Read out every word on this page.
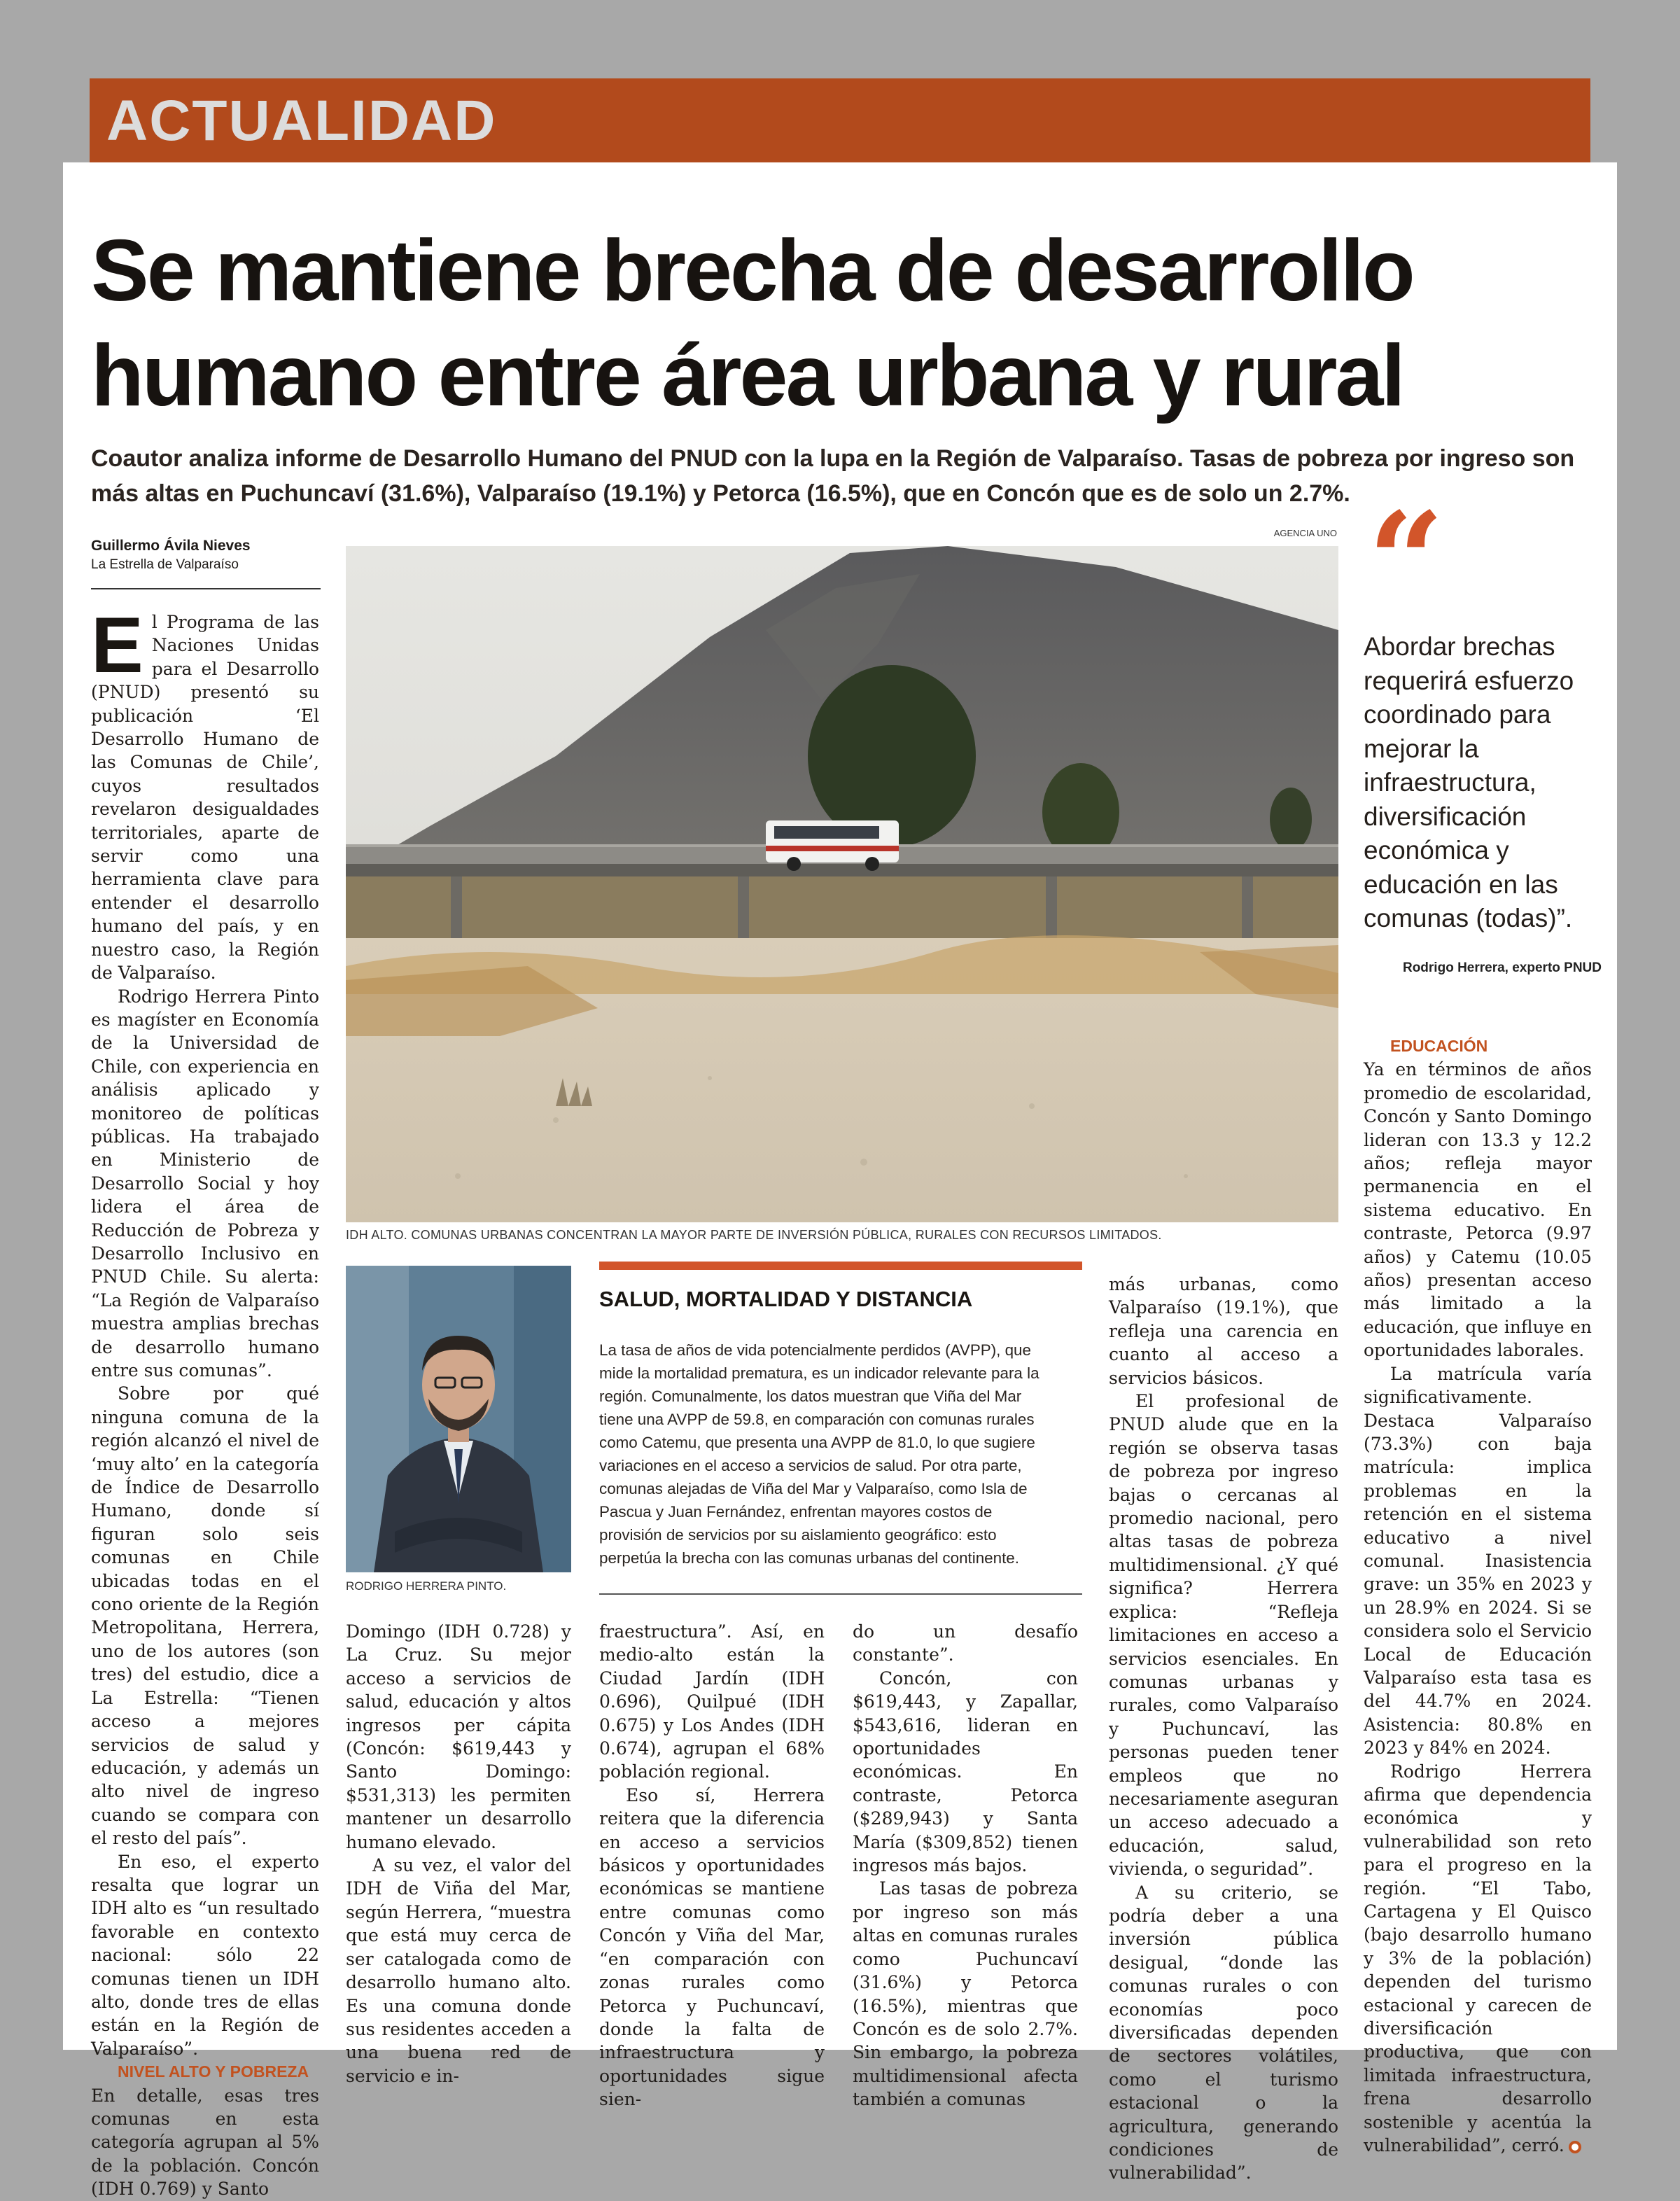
ACTUALIDAD
Se mantiene brecha de desarrollo
humano entre área urbana y rural
Coautor analiza informe de Desarrollo Humano del PNUD con la lupa en la Región de Valparaíso. Tasas de pobreza por ingreso son más altas en Puchuncaví (31.6%), Valparaíso (19.1%) y Petorca (16.5%), que en Concón que es de solo un 2.7%.
Guillermo Ávila Nieves
La Estrella de Valparaíso

El Programa de las Naciones Unidas para el Desarrollo (PNUD) presentó su publicación ‘El Desarrollo Humano de las Comunas de Chile’, cuyos resultados revelaron desigualdades territoriales, aparte de servir como una herramienta clave para entender el desarrollo humano del país, y en nuestro caso, la Región de Valparaíso.

Rodrigo Herrera Pinto es magíster en Economía de la Universidad de Chile, con experiencia en análisis aplicado y monitoreo de políticas públicas. Ha trabajado en Ministerio de Desarrollo Social y hoy lidera el área de Reducción de Pobreza y Desarrollo Inclusivo en PNUD Chile. Su alerta: “La Región de Valparaíso muestra amplias brechas de desarrollo humano entre sus comunas”.

Sobre por qué ninguna comuna de la región alcanzó el nivel de ‘muy alto’ en la categoría de Índice de Desarrollo Humano, donde sí figuran solo seis comunas en Chile ubicadas todas en el cono oriente de la Región Metropolitana, Herrera, uno de los autores (son tres) del estudio, dice a La Estrella: “Tienen acceso a mejores servicios de salud y educación, y además un alto nivel de ingreso cuando se compara con el resto del país”.

En eso, el experto resalta que lograr un IDH alto es “un resultado favorable en contexto nacional: sólo 22 comunas tienen un IDH alto, donde tres de ellas están en la Región de Valparaíso”.

NIVEL ALTO Y POBREZA

En detalle, esas tres comunas en esta categoría agrupan al 5% de la población. Concón (IDH 0.769) y Santo

Domingo (IDH 0.728) y La Cruz. Su mejor acceso a servicios de salud, educación y altos ingresos per cápita (Concón: $619,443 y Santo Domingo: $531,313) les permiten mantener un desarrollo humano elevado.

A su vez, el valor del IDH de Viña del Mar, según Herrera, “muestra que está muy cerca de ser catalogada como de desarrollo humano alto. Es una comuna donde sus residentes acceden a una buena red de servicio e in-

fraestructura”. Así, en medio-alto están la Ciudad Jardín (IDH 0.696), Quilpué (IDH 0.675) y Los Andes (IDH 0.674), agrupan el 68% población regional.

Eso sí, Herrera reitera que la diferencia en acceso a servicios básicos y oportunidades económicas se mantiene entre comunas como Concón y Viña del Mar, “en comparación con zonas rurales como Petorca y Puchuncaví, donde la falta de infraestructura y oportunidades sigue sien-

do un desafío constante”.

Concón, con $619,443, y Zapallar, $543,616, lideran en oportunidades económicas. En contraste, Petorca ($289,943) y Santa María ($309,852) tienen ingresos más bajos.

Las tasas de pobreza por ingreso son más altas en comunas rurales como Puchuncaví (31.6%) y Petorca (16.5%), mientras que Concón es de solo 2.7%. Sin embargo, la pobreza multidimensional afecta también a comunas

más urbanas, como Valparaíso (19.1%), que refleja una carencia en cuanto al acceso a servicios básicos.

El profesional de PNUD alude que en la región se observa tasas de pobreza por ingreso bajas o cercanas al promedio nacional, pero altas tasas de pobreza multidimensional. ¿Y qué significa? Herrera explica: “Refleja limitaciones en acceso a servicios esenciales. En comunas urbanas y rurales, como Valparaíso y Puchuncaví, las personas pueden tener empleos que no necesariamente aseguran un acceso adecuado a educación, salud, vivienda, o seguridad”.

A su criterio, se podría deber a una inversión pública desigual, “donde las comunas rurales o con economías poco diversificadas dependen de sectores volátiles, como el turismo estacional o la agricultura, generando condiciones de vulnerabilidad”.

AGENCIA UNO
IDH ALTO. COMUNAS URBANAS CONCENTRAN LA MAYOR PARTE DE INVERSIÓN PÚBLICA, RURALES CON RECURSOS LIMITADOS.
RODRIGO HERRERA PINTO.
SALUD, MORTALIDAD Y DISTANCIA
La tasa de años de vida potencialmente perdidos (AVPP), que mide la mortalidad prematura, es un indicador relevante para la región. Comunalmente, los datos muestran que Viña del Mar tiene una AVPP de 59.8, en comparación con comunas rurales como Catemu, que presenta una AVPP de 81.0, lo que sugiere variaciones en el acceso a servicios de salud. Por otra parte, comunas alejadas de Viña del Mar y Valparaíso, como Isla de Pascua y Juan Fernández, enfrentan mayores costos de provisión de servicios por su aislamiento geográfico: esto perpetúa la brecha con las comunas urbanas del continente.
“
Abordar brechas requerirá esfuerzo coordinado para mejorar la infraestructura, diversificación económica y educación en las comunas (todas)”.
Rodrigo Herrera, experto PNUD

EDUCACIÓN

Ya en términos de años promedio de escolaridad, Concón y Santo Domingo lideran con 13.3 y 12.2 años; refleja mayor permanencia en el sistema educativo. En contraste, Petorca (9.97 años) y Catemu (10.05 años) presentan acceso más limitado a la educación, que influye en oportunidades laborales.

La matrícula varía significativamente. Destaca Valparaíso (73.3%) con baja matrícula: implica problemas en la retención en el sistema educativo a nivel comunal. Inasistencia grave: un 35% en 2023 y un 28.9% en 2024. Si se considera solo el Servicio Local de Educación Valparaíso esta tasa es del 44.7% en 2024. Asistencia: 80.8% en 2023 y 84% en 2024.

Rodrigo Herrera afirma que dependencia económica y vulnerabilidad son reto para el progreso en la región. “El Tabo, Cartagena y El Quisco (bajo desarrollo humano y 3% de la población) dependen del turismo estacional y carecen de diversificación productiva, que con limitada infraestructura, frena desarrollo sostenible y acentúa la vulnerabilidad”, cerró.
